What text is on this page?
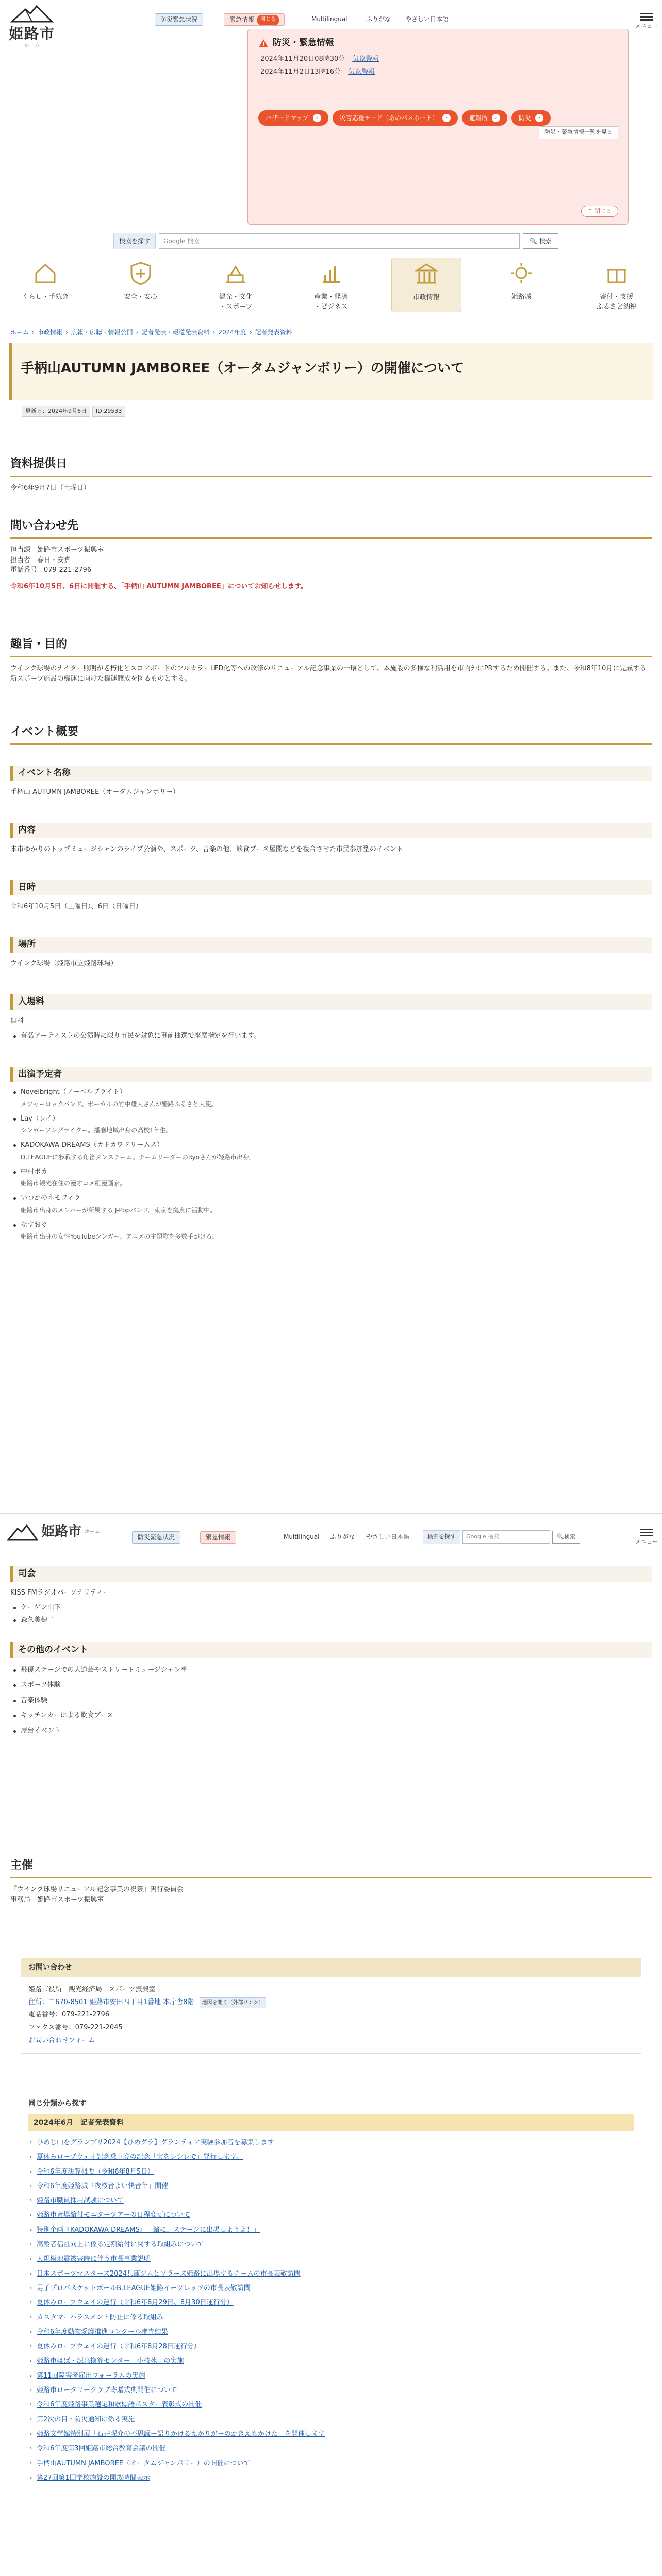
姫路市
ホーム
防災緊急状況	緊急情報	開じる	Multilingual	ふりがな	やさしい日本語
メニュー
! 防災・緊急情報
2024年11月20日08時30分 気象警報
2024年11月2日13時16分 気象警報
防災・緊急情報一覧を見る
ハザードマップ	›	災害応援モード（あのパスポート）	›	避難所	›	防災	›
⌃ 閉じる
検索を探す	Google 検索	🔍 検索
くらし・手続き	安全・安心	観光・文化
・スポーツ
産業・経済
・ビジネス
市政情報	姫路城	寄付・支援
ふるさと納税
ホーム › 市政情報 › 広報・広聴・情報公開 › 記者発表・報道発表資料 › 2024年度 › 記者発表資料
手柄山AUTUMN JAMBOREE（オータムジャンボリー）の開催について
更新日：2024年9月6日	ID:29533
資料提供日
令和6年9月7日（土曜日）
問い合わせ先
担当課　姫路市スポーツ振興室
担当者　春日・安倉
電話番号　079-221-2796
令和6年10月5日、6日に開催する、「手柄山 AUTUMN JAMBOREE」についてお知らせします。
趣旨・目的
ウインク球場のナイター照明が老朽化とスコアボードのフルカラーLED化等への改修のリニューアル記念事業の一環として、本施設の多様な利活用を市内外にPRするため開催する。また、今和8年10月に完成する新スポーツ施設の機運に向けた機運醸成を図るものとする。
イベント概要
イベント名称
手柄山 AUTUMN JAMBOREE（オータムジャンボリー）
内容
本市ゆかりのトップミュージシャンのライブ公演や、スポーツ、音楽の他、飲食ブース屋開などを複合させた市民参加型のイベント
日時
令和6年10月5日（土曜日）、6日（日曜日）
場所
ウインク球場（姫路市立姫路球場）
入場料
無料
有名アーティストの公演時に限り市民を対象に事前抽選で座席指定を行います。
出演予定者
Novelbright（ノーベルブライト）
メジャーロックバンド。ボーカルの竹中雄大さんが姫路ふるさと大使。
Lay（レイ）
シンガーソングライター。播磨地域出身の高校1年生。
KADOKAWA DREAMS（カドカワドリームス）
D.LEAGUEに参戦する角笛ダンスチーム。チームリーダーのRyoさんが姫路市出身。
中村ボカ
姫路市観光在住の漫才コメ組漫画家。
いつかのネモフィラ
姫路市出身のメンバーが所属する J-Popバンド。東京を拠点に活動中。
なすおぐ
姫路市出身の女性YouTubeシンガー。アニメの主題歌を多数手がける。
姫路市 ホーム
防災緊急状況	緊急情報	Multilingual	ふりがな	やさしい日本語	検索を探す	Google 検索	🔍検索
メニュー
司会
KISS FMラジオパーソナリティー
ケーゲン山下
森久美穂子
その他のイベント
飛優ステージでの大道芸やストリートミュージシャン事
スポーツ体験
音楽体験
キッチンカーによる飲食ブース
屋台イベント
主催
『ウインク球場リニューアル記念事業の祝祭』実行委員会
事務局　姫路市スポーツ振興室
お問い合わせ
姫路市役所　観光経済局　スポーツ振興室
住所：〒670-8501 姫路市安田四丁目1番地 本庁舎8階 地図を開く（外部リンク）
電話番号：079-221-2796
ファクス番号：079-221-2045
お問い合わせフォーム
同じ分類から探す
2024年6月　記者発表資料
› ひめじ山をグランプリ2024【ひめグラ】グランティア実験参加者を募集します
› 夏休みロープウェイ記念乗車券の記念「実をレシレで」発行します。
› 令和6年度決算概要（令和6年8月5日）
› 令和6年度姫路城「夜桜音よい快音年」開催
› 姫路市職員採用試験について
› 姫路市斎場給付モニターツアーの日程変更について
› 特別企画『KADOKAWA DREAMS』一緒に、ステージに出場しようよ！」
› 高齢者福祉向上に係る定額給付に関する取組みについて
› 大規模地震被害時に伴う市長事業説明
› 日本スポーツマスターズ2024兵庫ジムとソラーズ姫路に出場するチームの市長表敬訪問
› 男子プロバスケットボールB.LEAGUE姫路イーグレッツの市長表敬訪問
› 夏休みロープウェイの運行（令和6年8月29日、8月30日運行分）
› カスタマーハラスメント防止に係る取組み
› 令和6年度動物愛護推進コンクール審査結果
› 夏休みロープウェイの運行（令和6年8月28日運行分）
› 姫路市はば・源泉換算センター「小枝苑」の実施
› 第11回障害者雇用フォーラムの実施
› 姫路市ロータリークラブ寄贈式典開催について
› 令和6年度姫路事業選定和歌標語ポスター表彰式の開催
› 第2次の目・防災通知に係る実施
› 姫路文学館特別展「石井曜介の不思議ー語りかけるえがりがーのかきえもかけた」を開催します
› 令和6年度第3回姫路市総合教育会議の開催
› 手柄山AUTUMN JAMBOREE（オータムジャンボリー）の開催について
› 第27回第1回学校施設の開放時間表示
